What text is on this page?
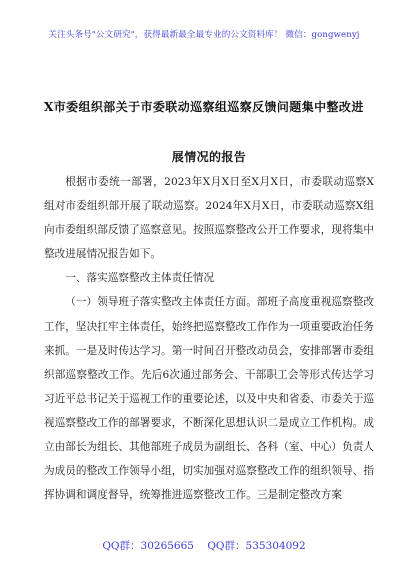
关注头条号"公文研究"，获得最新最全最专业的公文资料库！ 微信：gongwenyj
X市委组织部关于市委联动巡察组巡察反馈问题集中整改进
展情况的报告

根据市委统一部署，2023年X月X日至X月X日，市委联动巡察X组对市委组织部开展了联动巡察。2024年X月X日，市委联动巡察X组向市委组织部反馈了巡察意见。按照巡察整改公开工作要求，现将集中整改进展情况报告如下。

一、落实巡察整改主体责任情况

（一）领导班子落实整改主体责任方面。部班子高度重视巡察整改工作，坚决扛牢主体责任，始终把巡察整改工作作为一项重要政治任务来抓。一是及时传达学习。第一时间召开整改动员会，安排部署市委组织部巡察整改工作。先后6次通过部务会、干部职工会等形式传达学习习近平总书记关于巡视工作的重要论述，以及中央和省委、市委关于巡视巡察整改工作的部署要求，不断深化思想认识二是成立工作机构。成立由部长为组长、其他部班子成员为副组长、各科（室、中心）负责人为成员的整改工作领导小组，切实加强对巡察整改工作的组织领导、指挥协调和调度督导，统筹推进巡察整改工作。三是制定整改方案

QQ群：30265665 QQ群：535304092
